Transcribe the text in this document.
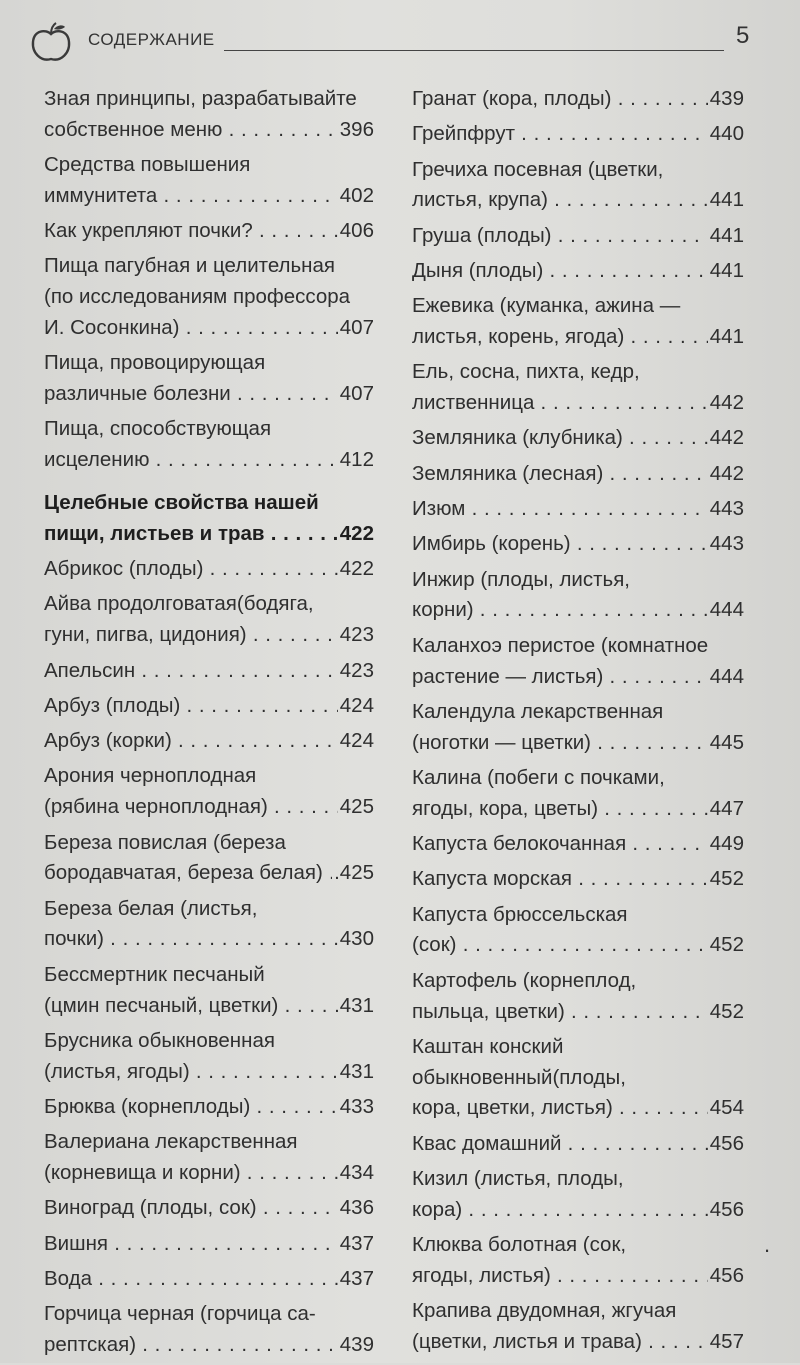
СОДЕРЖАНИЕ	5
Зная принципы, разрабатывайте
собственное меню . . .	396
Средства повышения
иммунитета . . .	402
Как укрепляют почки? . . .	406
Пища пагубная и целительная
(по исследованиям профессора
И. Сосонкина) . . .	407
Пища, провоцирующая
различные болезни . . .	407
Пища, способствующая
исцелению . . .	412
Целебные свойства нашей
пищи, листьев и трав . . .	422
Абрикос (плоды) . . .	422
Айва продолговатая(бодяга,
гуни, пигва, цидония) . . .	423
Апельсин . . .	423
Арбуз (плоды) . . .	424
Арбуз (корки) . . .	424
Арония черноплодная
(рябина черноплодная) . . .	425
Береза повислая (береза
бородавчатая, береза белая) . . . .425
Береза белая (листья,
почки) . . .	430
Бессмертник песчаный
(цмин песчаный, цветки) . . .	431
Брусника обыкновенная
(листья, ягоды) . . .	431
Брюква (корнеплоды) . . .	433
Валериана лекарственная
(корневища и корни) . . .	434
Виноград (плоды, сок) . . .	436
Вишня . . .	437
Вода . . .	437
Горчица черная (горчица са-
рептская) . . .	439
Гранат (кора, плоды) . . .	439
Грейпфрут . . .	440
Гречиха посевная (цветки,
листья, крупа) . . .	441
Груша (плоды) . . .	441
Дыня (плоды) . . .	441
Ежевика (куманка, ажина —
листья, корень, ягода) . . .	441
Ель, сосна, пихта, кедр,
лиственница . . .	442
Земляника (клубника) . . .	442
Земляника (лесная) . . .	442
Изюм . . .	443
Имбирь (корень) . . .	443
Инжир (плоды, листья,
корни) . . .	444
Каланхоэ перистое (комнатное
растение — листья) . . .	444
Календула лекарственная
(ноготки — цветки) . . .	445
Калина (побеги с почками,
ягоды, кора, цветы) . . .	447
Капуста белокочанная . . .	449
Капуста морская . . .	452
Капуста брюссельская
(сок) . . .	452
Картофель (корнеплод,
пыльца, цветки) . . .	452
Каштан конский
обыкновенный(плоды,
кора, цветки, листья) . . .	454
Квас домашний . . .	456
Кизил (листья, плоды,
кора) . . .	456
Клюква болотная (сок,
ягоды, листья) . . .	456
Крапива двудомная, жгучая
(цветки, листья и трава) . . .	457
.
